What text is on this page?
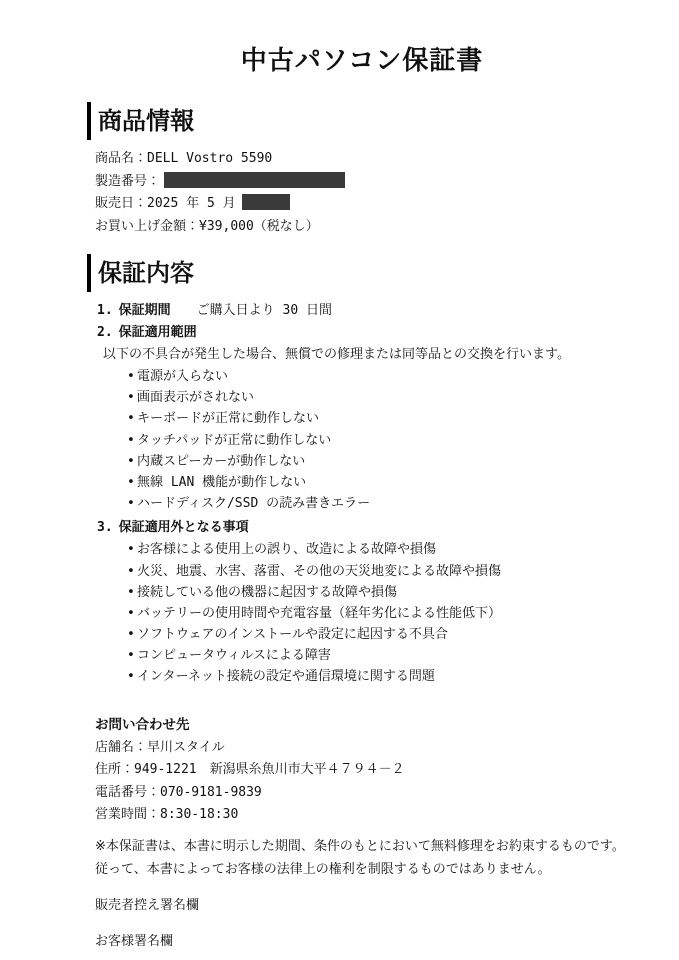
中古パソコン保証書
商品情報
商品名：DELL Vostro 5590
製造番号：
販売日：2025 年 5 月
お買い上げ金額：¥39,000（税なし）
保証内容
1. 保証期間 ご購入日より 30 日間
2. 保証適用範囲
以下の不具合が発生した場合、無償での修理または同等品との交換を行います。
• 電源が入らない
• 画面表示がされない
• キーボードが正常に動作しない
• タッチパッドが正常に動作しない
• 内蔵スピーカーが動作しない
• 無線 LAN 機能が動作しない
• ハードディスク/SSD の読み書きエラー
3. 保証適用外となる事項
• お客様による使用上の誤り、改造による故障や損傷
• 火災、地震、水害、落雷、その他の天災地変による故障や損傷
• 接続している他の機器に起因する故障や損傷
• バッテリーの使用時間や充電容量（経年劣化による性能低下）
• ソフトウェアのインストールや設定に起因する不具合
• コンピュータウィルスによる障害
• インターネット接続の設定や通信環境に関する問題
お問い合わせ先
店舗名：早川スタイル
住所：949-1221　新潟県糸魚川市大平４７９４－２
電話番号：070-9181-9839
営業時間：8:30-18:30
※本保証書は、本書に明示した期間、条件のもとにおいて無料修理をお約束するものです。
従って、本書によってお客様の法律上の権利を制限するものではありません。
販売者控え署名欄
お客様署名欄
